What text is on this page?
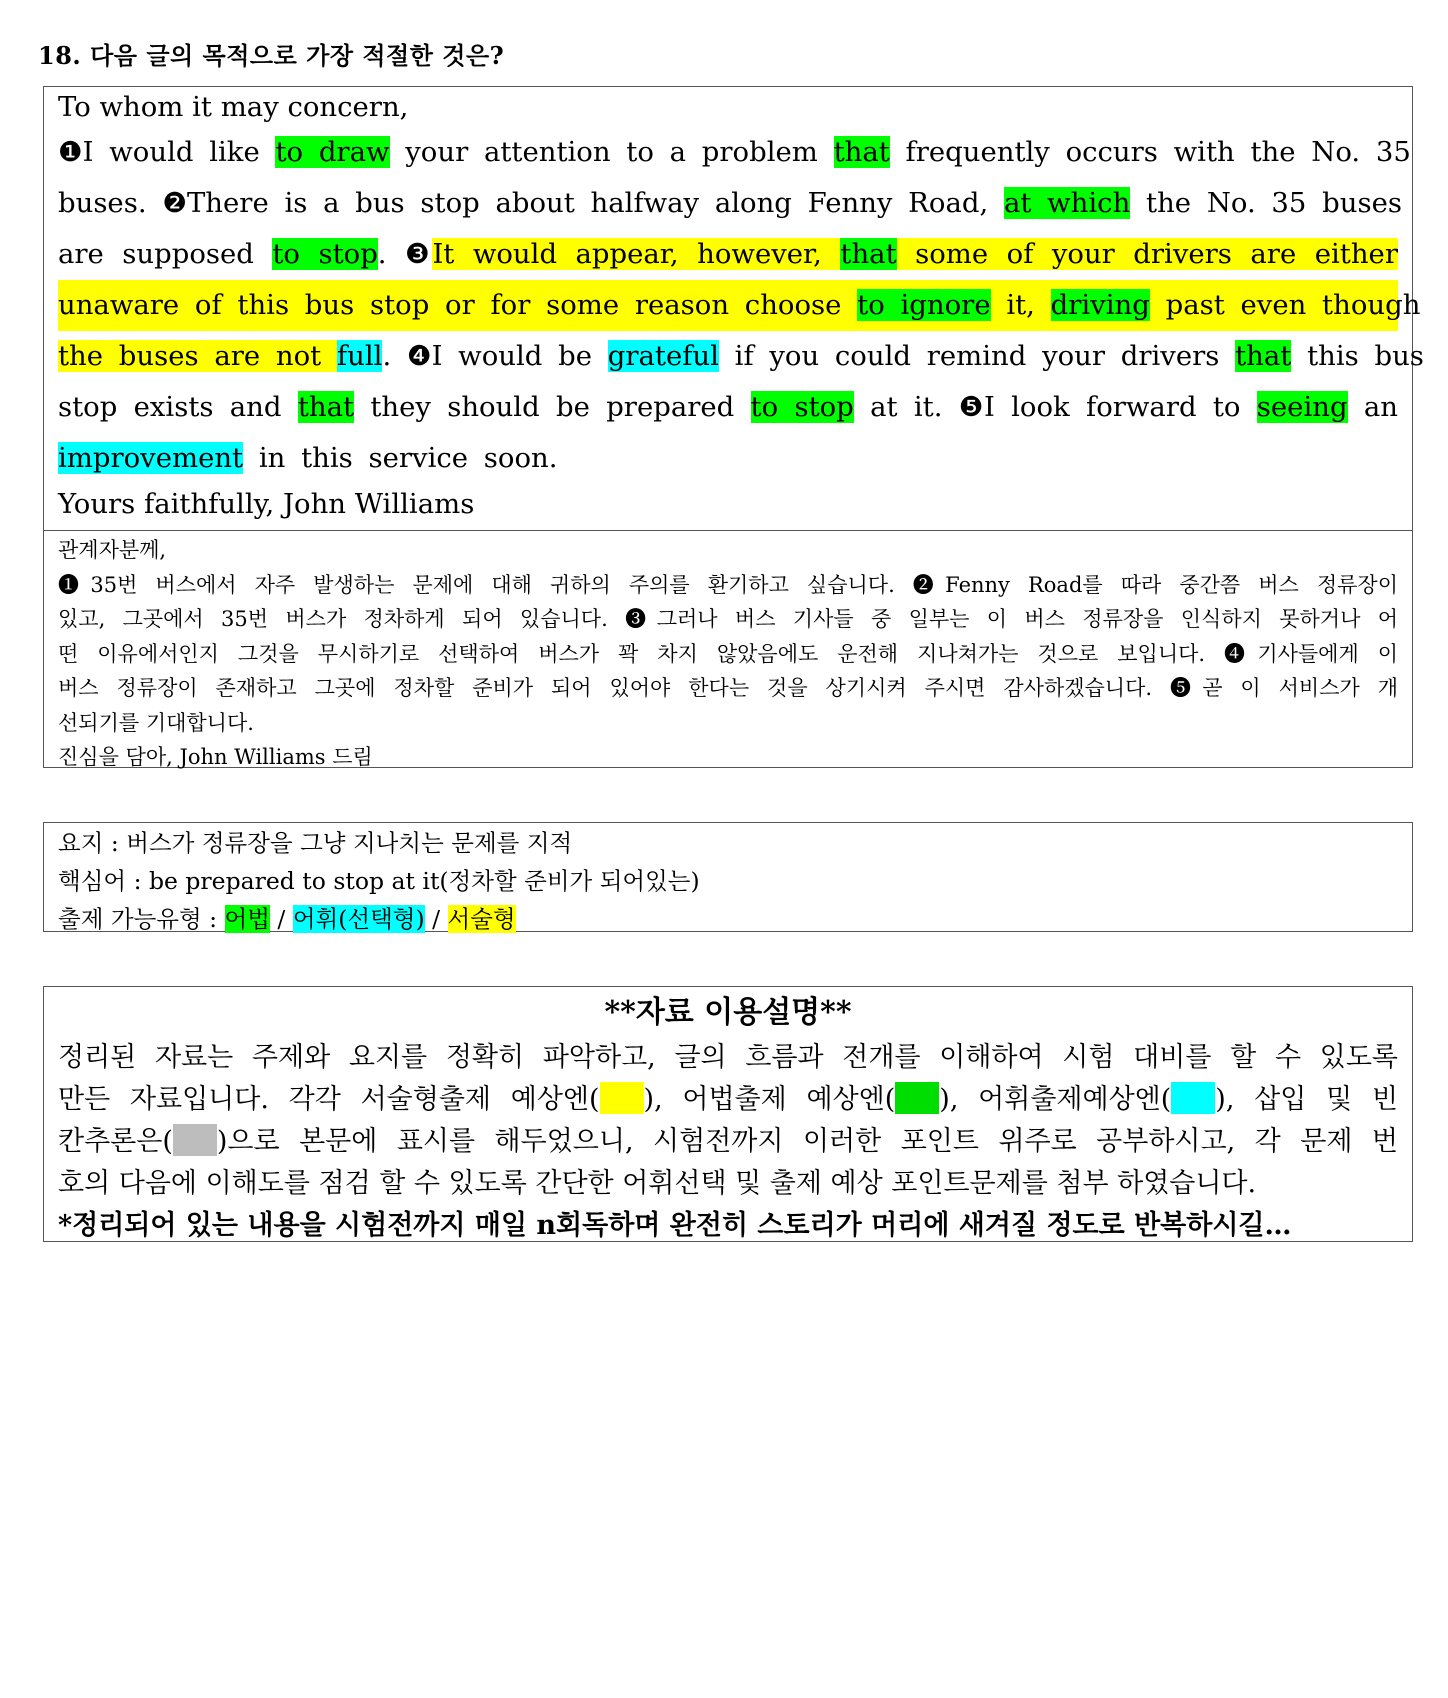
18. 다음 글의 목적으로 가장 적절한 것은?
To whom it may concern,
❶I would like to draw your attention to a problem that frequently occurs with the No. 35
buses. ❷There is a bus stop about halfway along Fenny Road, at which the No. 35 buses
are supposed to stop. ❸It would appear, however, that some of your drivers are either
unaware of this bus stop or for some reason choose to ignore it, driving past even though
the buses are not full. ❹I would be grateful if you could remind your drivers that this bus
stop exists and that they should be prepared to stop at it. ❺I look forward to seeing an
improvement in this service soon.
Yours faithfully, John Williams
관계자분께,
❶35번 버스에서 자주 발생하는 문제에 대해 귀하의 주의를 환기하고 싶습니다. ❷Fenny Road를 따라 중간쯤 버스 정류장이
있고, 그곳에서 35번 버스가 정차하게 되어 있습니다. ❸그러나 버스 기사들 중 일부는 이 버스 정류장을 인식하지 못하거나 어
떤 이유에서인지 그것을 무시하기로 선택하여 버스가 꽉 차지 않았음에도 운전해 지나쳐가는 것으로 보입니다. ❹기사들에게 이
버스 정류장이 존재하고 그곳에 정차할 준비가 되어 있어야 한다는 것을 상기시켜 주시면 감사하겠습니다. ❺곧 이 서비스가 개
선되기를 기대합니다.
진심을 담아, John Williams 드림
요지 : 버스가 정류장을 그냥 지나치는 문제를 지적
핵심어 : be prepared to stop at it(정차할 준비가 되어있는)
출제 가능유형 : 어법 / 어휘(선택형) / 서술형
**자료 이용설명**
정리된 자료는 주제와 요지를 정확히 파악하고, 글의 흐름과 전개를 이해하여 시험 대비를 할 수 있도록
만든 자료입니다. 각각 서술형출제 예상엔( ), 어법출제 예상엔( ), 어휘출제예상엔( ), 삽입 및 빈
칸추론은( )으로 본문에 표시를 해두었으니, 시험전까지 이러한 포인트 위주로 공부하시고, 각 문제 번
호의 다음에 이해도를 점검 할 수 있도록 간단한 어휘선택 및 출제 예상 포인트문제를 첨부 하였습니다.
*정리되어 있는 내용을 시험전까지 매일 n회독하며 완전히 스토리가 머리에 새겨질 정도로 반복하시길…
